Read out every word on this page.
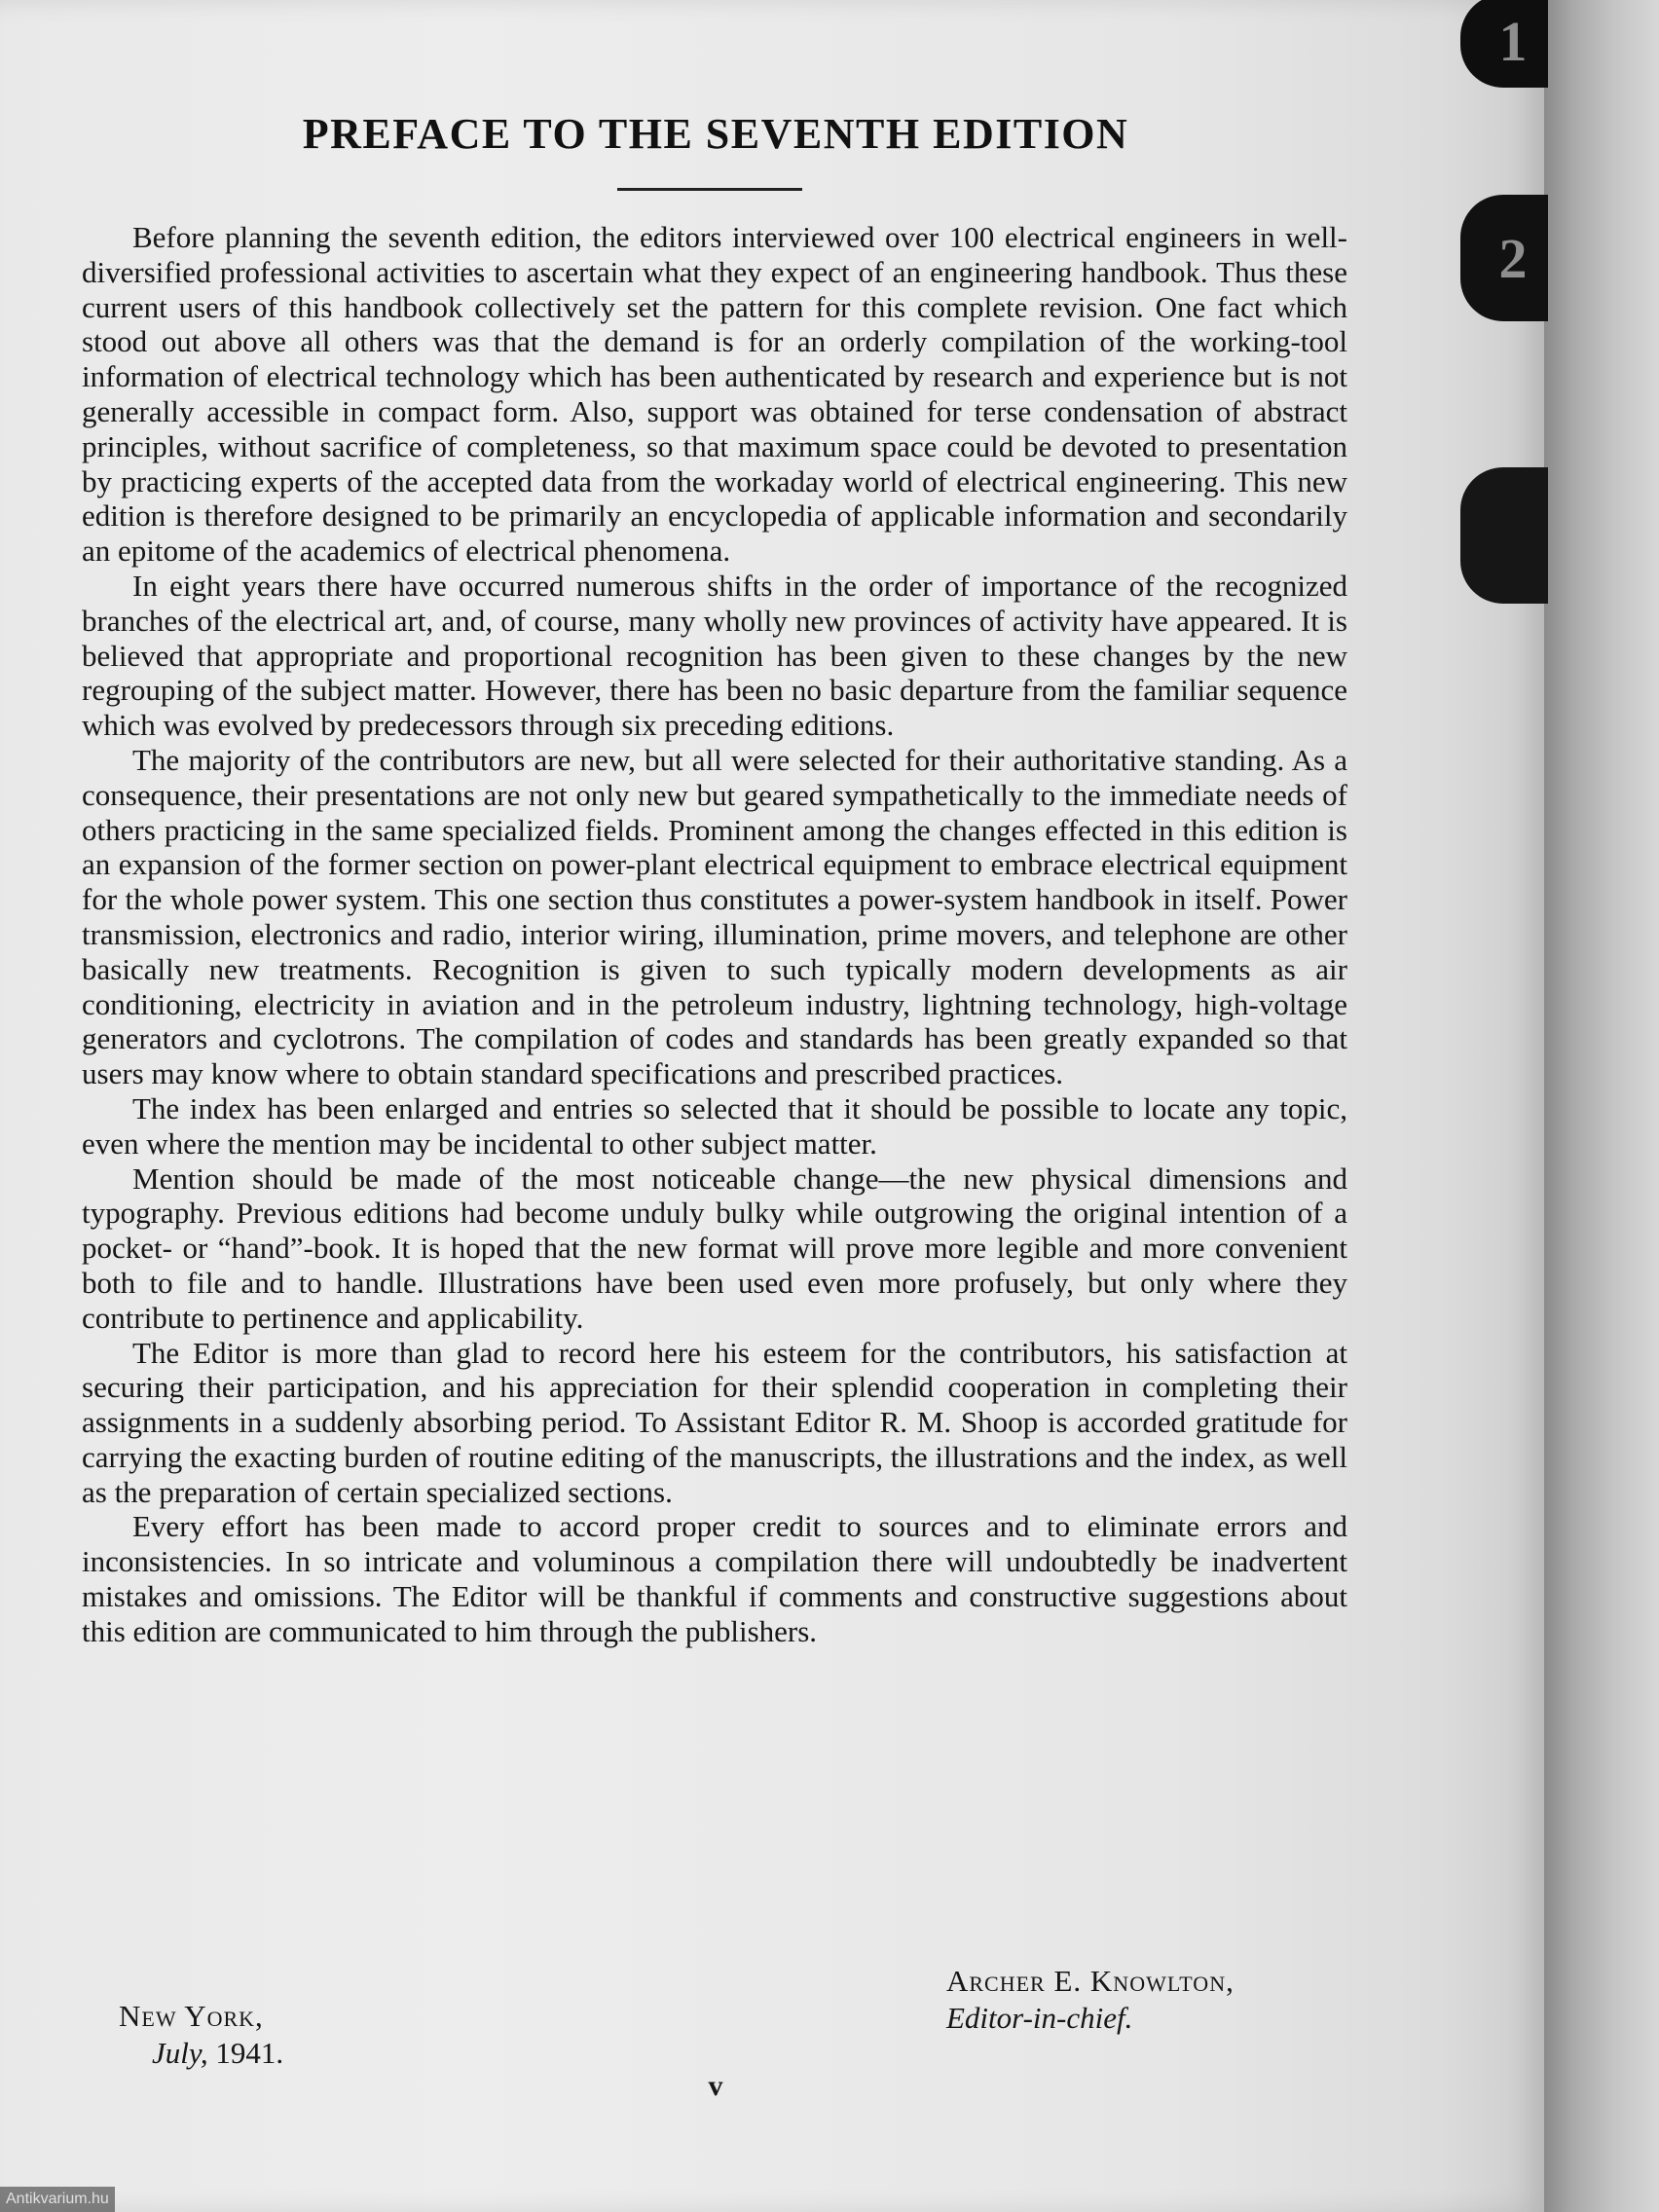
PREFACE TO THE SEVENTH EDITION

Before planning the seventh edition, the editors interviewed over 100 electrical engineers in well-diversified professional activities to ascertain what they expect of an engineering handbook. Thus these current users of this handbook collectively set the pattern for this complete revision. One fact which stood out above all others was that the demand is for an orderly compilation of the working-tool information of electrical technology which has been authenticated by research and experience but is not generally accessible in compact form. Also, support was obtained for terse condensation of abstract principles, without sacrifice of completeness, so that maximum space could be devoted to presentation by practicing experts of the accepted data from the workaday world of electrical engineering. This new edition is therefore designed to be primarily an encyclopedia of applicable information and secondarily an epitome of the academics of electrical phenomena.

In eight years there have occurred numerous shifts in the order of importance of the recognized branches of the electrical art, and, of course, many wholly new provinces of activity have appeared. It is believed that appropriate and proportional recognition has been given to these changes by the new regrouping of the subject matter. However, there has been no basic departure from the familiar sequence which was evolved by predecessors through six preceding editions.

The majority of the contributors are new, but all were selected for their authoritative standing. As a consequence, their presentations are not only new but geared sympathetically to the immediate needs of others practicing in the same specialized fields. Prominent among the changes effected in this edition is an expansion of the former section on power-plant electrical equipment to embrace electrical equipment for the whole power system. This one section thus constitutes a power-system handbook in itself. Power transmission, electronics and radio, interior wiring, illumination, prime movers, and telephone are other basically new treatments. Recognition is given to such typically modern developments as air conditioning, electricity in aviation and in the petroleum industry, lightning technology, high-voltage generators and cyclotrons. The compilation of codes and standards has been greatly expanded so that users may know where to obtain standard specifications and prescribed practices.

The index has been enlarged and entries so selected that it should be possible to locate any topic, even where the mention may be incidental to other subject matter.

Mention should be made of the most noticeable change—the new physical dimensions and typography. Previous editions had become unduly bulky while outgrowing the original intention of a pocket- or “hand”-book. It is hoped that the new format will prove more legible and more convenient both to file and to handle. Illustrations have been used even more profusely, but only where they contribute to pertinence and applicability.

The Editor is more than glad to record here his esteem for the contributors, his satisfaction at securing their participation, and his appreciation for their splendid cooperation in completing their assignments in a suddenly absorbing period. To Assistant Editor R. M. Shoop is accorded gratitude for carrying the exacting burden of routine editing of the manuscripts, the illustrations and the index, as well as the preparation of certain specialized sections.

Every effort has been made to accord proper credit to sources and to eliminate errors and inconsistencies. In so intricate and voluminous a compilation there will undoubtedly be inadvertent mistakes and omissions. The Editor will be thankful if comments and constructive suggestions about this edition are communicated to him through the publishers.

Archer E. Knowlton,
Editor-in-chief.
New York,
July, 1941.
v
1
2
Antikvarium.hu
